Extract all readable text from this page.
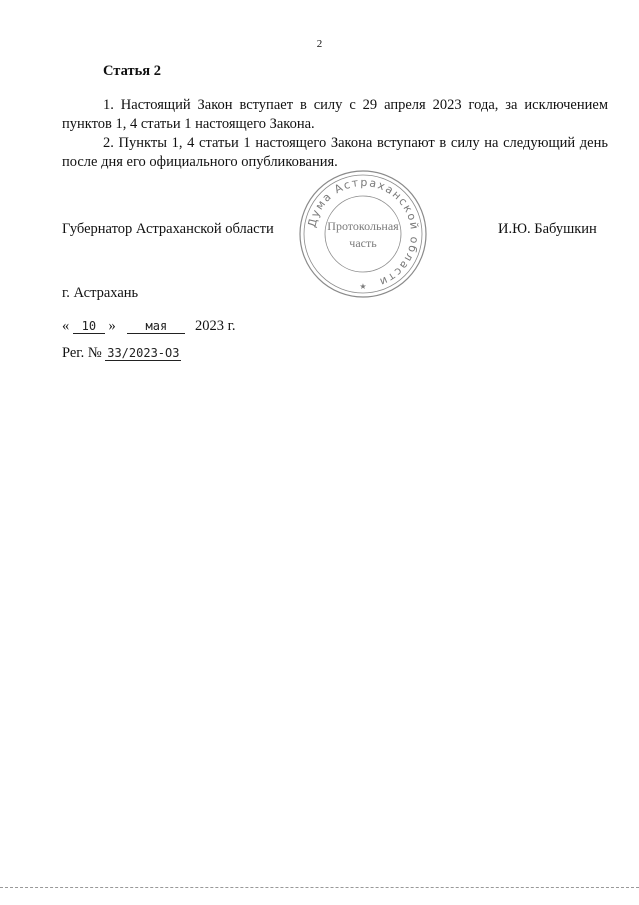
2
Статья 2
1. Настоящий Закон вступает в силу с 29 апреля 2023 года, за исключением пунктов 1, 4 статьи 1 настоящего Закона.
2. Пункты 1, 4 статьи 1 настоящего Закона вступают в силу на следующий день после дня его официального опубликования.
Губернатор Астраханской области	Дума Астраханской области
Протокольная
часть
★
И.Ю. Бабушкин
г. Астрахань
« 10 » мая 2023 г.
Рег. № 33/2023-ОЗ
